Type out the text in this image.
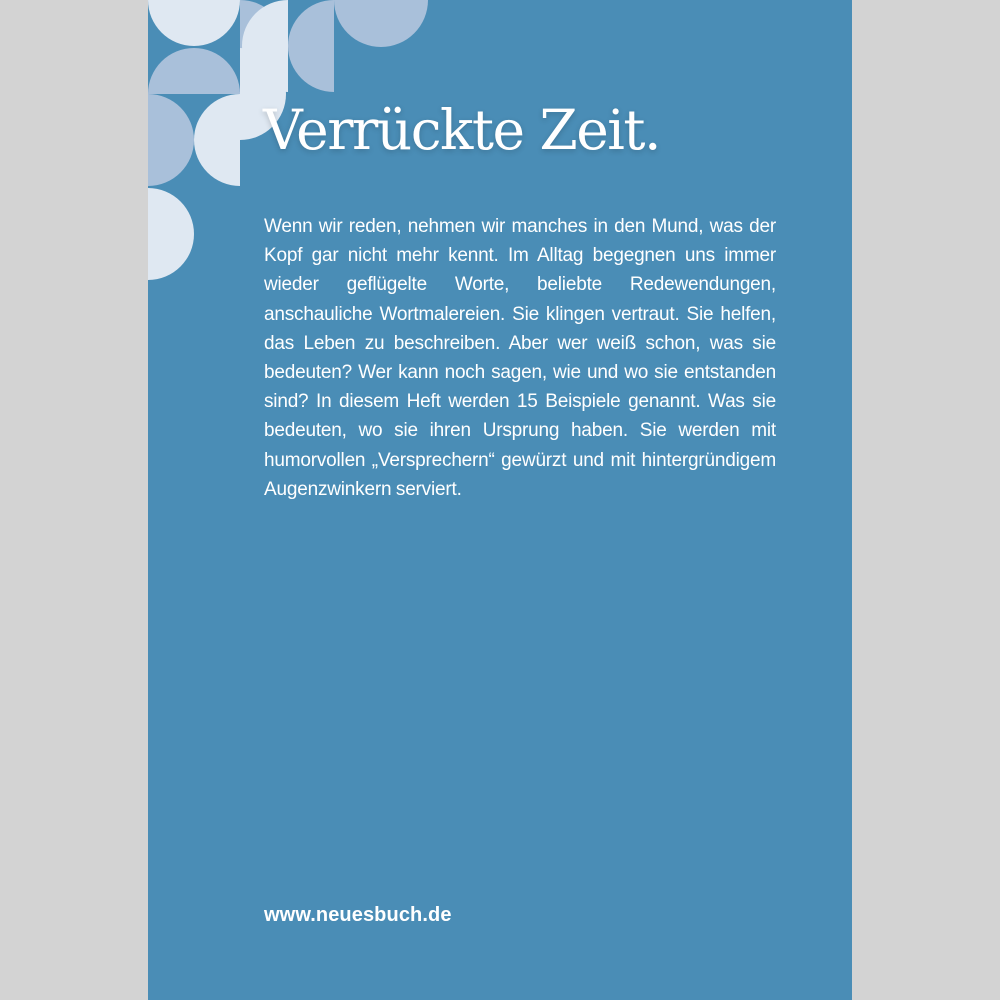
Verrückte Zeit.

Wenn wir reden, nehmen wir manches in den Mund, was der Kopf gar nicht mehr kennt. Im Alltag begegnen uns immer wieder geflügelte Worte, beliebte Redewendungen, anschauliche Wortmalereien. Sie klingen vertraut. Sie helfen, das Leben zu beschreiben. Aber wer weiß schon, was sie bedeuten? Wer kann noch sagen, wie und wo sie entstanden sind? In diesem Heft werden 15 Beispiele genannt. Was sie bedeuten, wo sie ihren Ursprung haben. Sie werden mit humorvollen „Versprechern“ gewürzt und mit hintergründigem Augenzwinkern serviert.

www.neuesbuch.de
